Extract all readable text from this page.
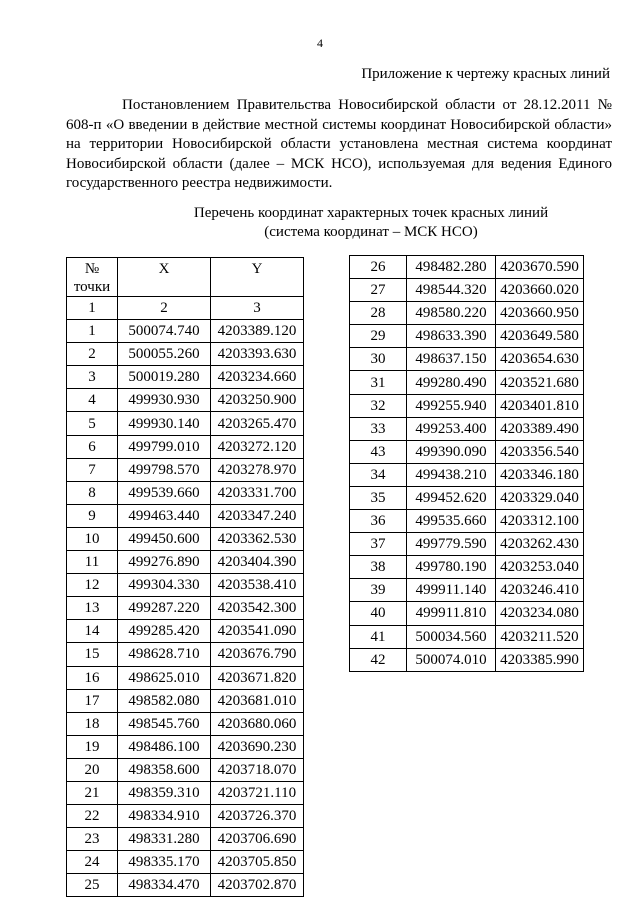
4
Приложение к чертежу красных линий

Постановлением Правительства Новосибирской области от 28.12.2011 № 608-п «О введении в действие местной системы координат Новосибирской области» на территории Новосибирской области установлена местная система координат Новосибирской области (далее – МСК НСО), используемая для ведения Единого государственного реестра недвижимости.

Перечень координат характерных точек красных линий
(система координат – МСК НСО)
№
точки	X	Y
1	2	3
1	500074.740	4203389.120
2	500055.260	4203393.630
3	500019.280	4203234.660
4	499930.930	4203250.900
5	499930.140	4203265.470
6	499799.010	4203272.120
7	499798.570	4203278.970
8	499539.660	4203331.700
9	499463.440	4203347.240
10	499450.600	4203362.530
11	499276.890	4203404.390
12	499304.330	4203538.410
13	499287.220	4203542.300
14	499285.420	4203541.090
15	498628.710	4203676.790
16	498625.010	4203671.820
17	498582.080	4203681.010
18	498545.760	4203680.060
19	498486.100	4203690.230
20	498358.600	4203718.070
21	498359.310	4203721.110
22	498334.910	4203726.370
23	498331.280	4203706.690
24	498335.170	4203705.850
25	498334.470	4203702.870
26	498482.280	4203670.590
27	498544.320	4203660.020
28	498580.220	4203660.950
29	498633.390	4203649.580
30	498637.150	4203654.630
31	499280.490	4203521.680
32	499255.940	4203401.810
33	499253.400	4203389.490
43	499390.090	4203356.540
34	499438.210	4203346.180
35	499452.620	4203329.040
36	499535.660	4203312.100
37	499779.590	4203262.430
38	499780.190	4203253.040
39	499911.140	4203246.410
40	499911.810	4203234.080
41	500034.560	4203211.520
42	500074.010	4203385.990
